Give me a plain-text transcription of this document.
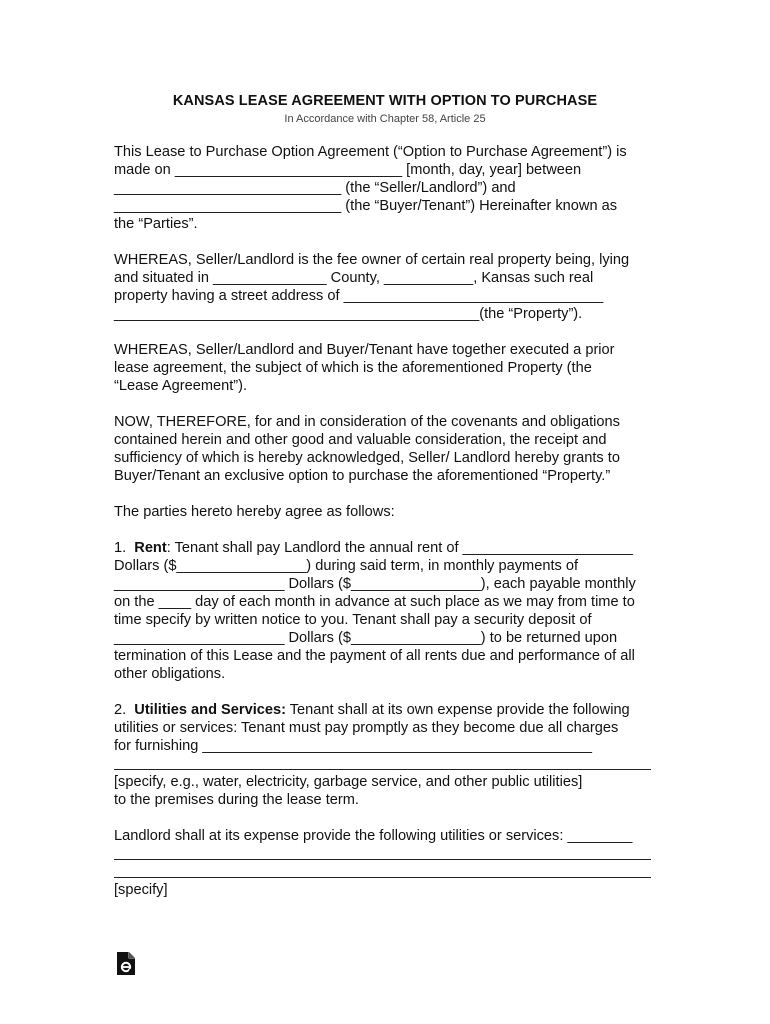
KANSAS LEASE AGREEMENT WITH OPTION TO PURCHASE
In Accordance with Chapter 58, Article 25
This Lease to Purchase Option Agreement (“Option to Purchase Agreement”) is
made on ____________________________ [month, day, year] between
____________________________ (the “Seller/Landlord”) and
____________________________ (the “Buyer/Tenant”) Hereinafter known as
the “Parties”.
WHEREAS, Seller/Landlord is the fee owner of certain real property being, lying
and situated in ______________ County, ___________, Kansas such real
property having a street address of ________________________________
_____________________________________________(the “Property”).
WHEREAS, Seller/Landlord and Buyer/Tenant have together executed a prior
lease agreement, the subject of which is the aforementioned Property (the
“Lease Agreement”).
NOW, THEREFORE, for and in consideration of the covenants and obligations
contained herein and other good and valuable consideration, the receipt and
sufficiency of which is hereby acknowledged, Seller/ Landlord hereby grants to
Buyer/Tenant an exclusive option to purchase the aforementioned “Property.”
The parties hereto hereby agree as follows:
1.  Rent: Tenant shall pay Landlord the annual rent of _____________________
Dollars ($________________) during said term, in monthly payments of
_____________________ Dollars ($________________), each payable monthly
on the ____ day of each month in advance at such place as we may from time to
time specify by written notice to you. Tenant shall pay a security deposit of
_____________________ Dollars ($________________) to be returned upon
termination of this Lease and the payment of all rents due and performance of all
other obligations.
2.  Utilities and Services: Tenant shall at its own expense provide the following
utilities or services: Tenant must pay promptly as they become due all charges
for furnishing ________________________________________________
[specify, e.g., water, electricity, garbage service, and other public utilities]
to the premises during the lease term.
Landlord shall at its expense provide the following utilities or services: ________
[specify]
